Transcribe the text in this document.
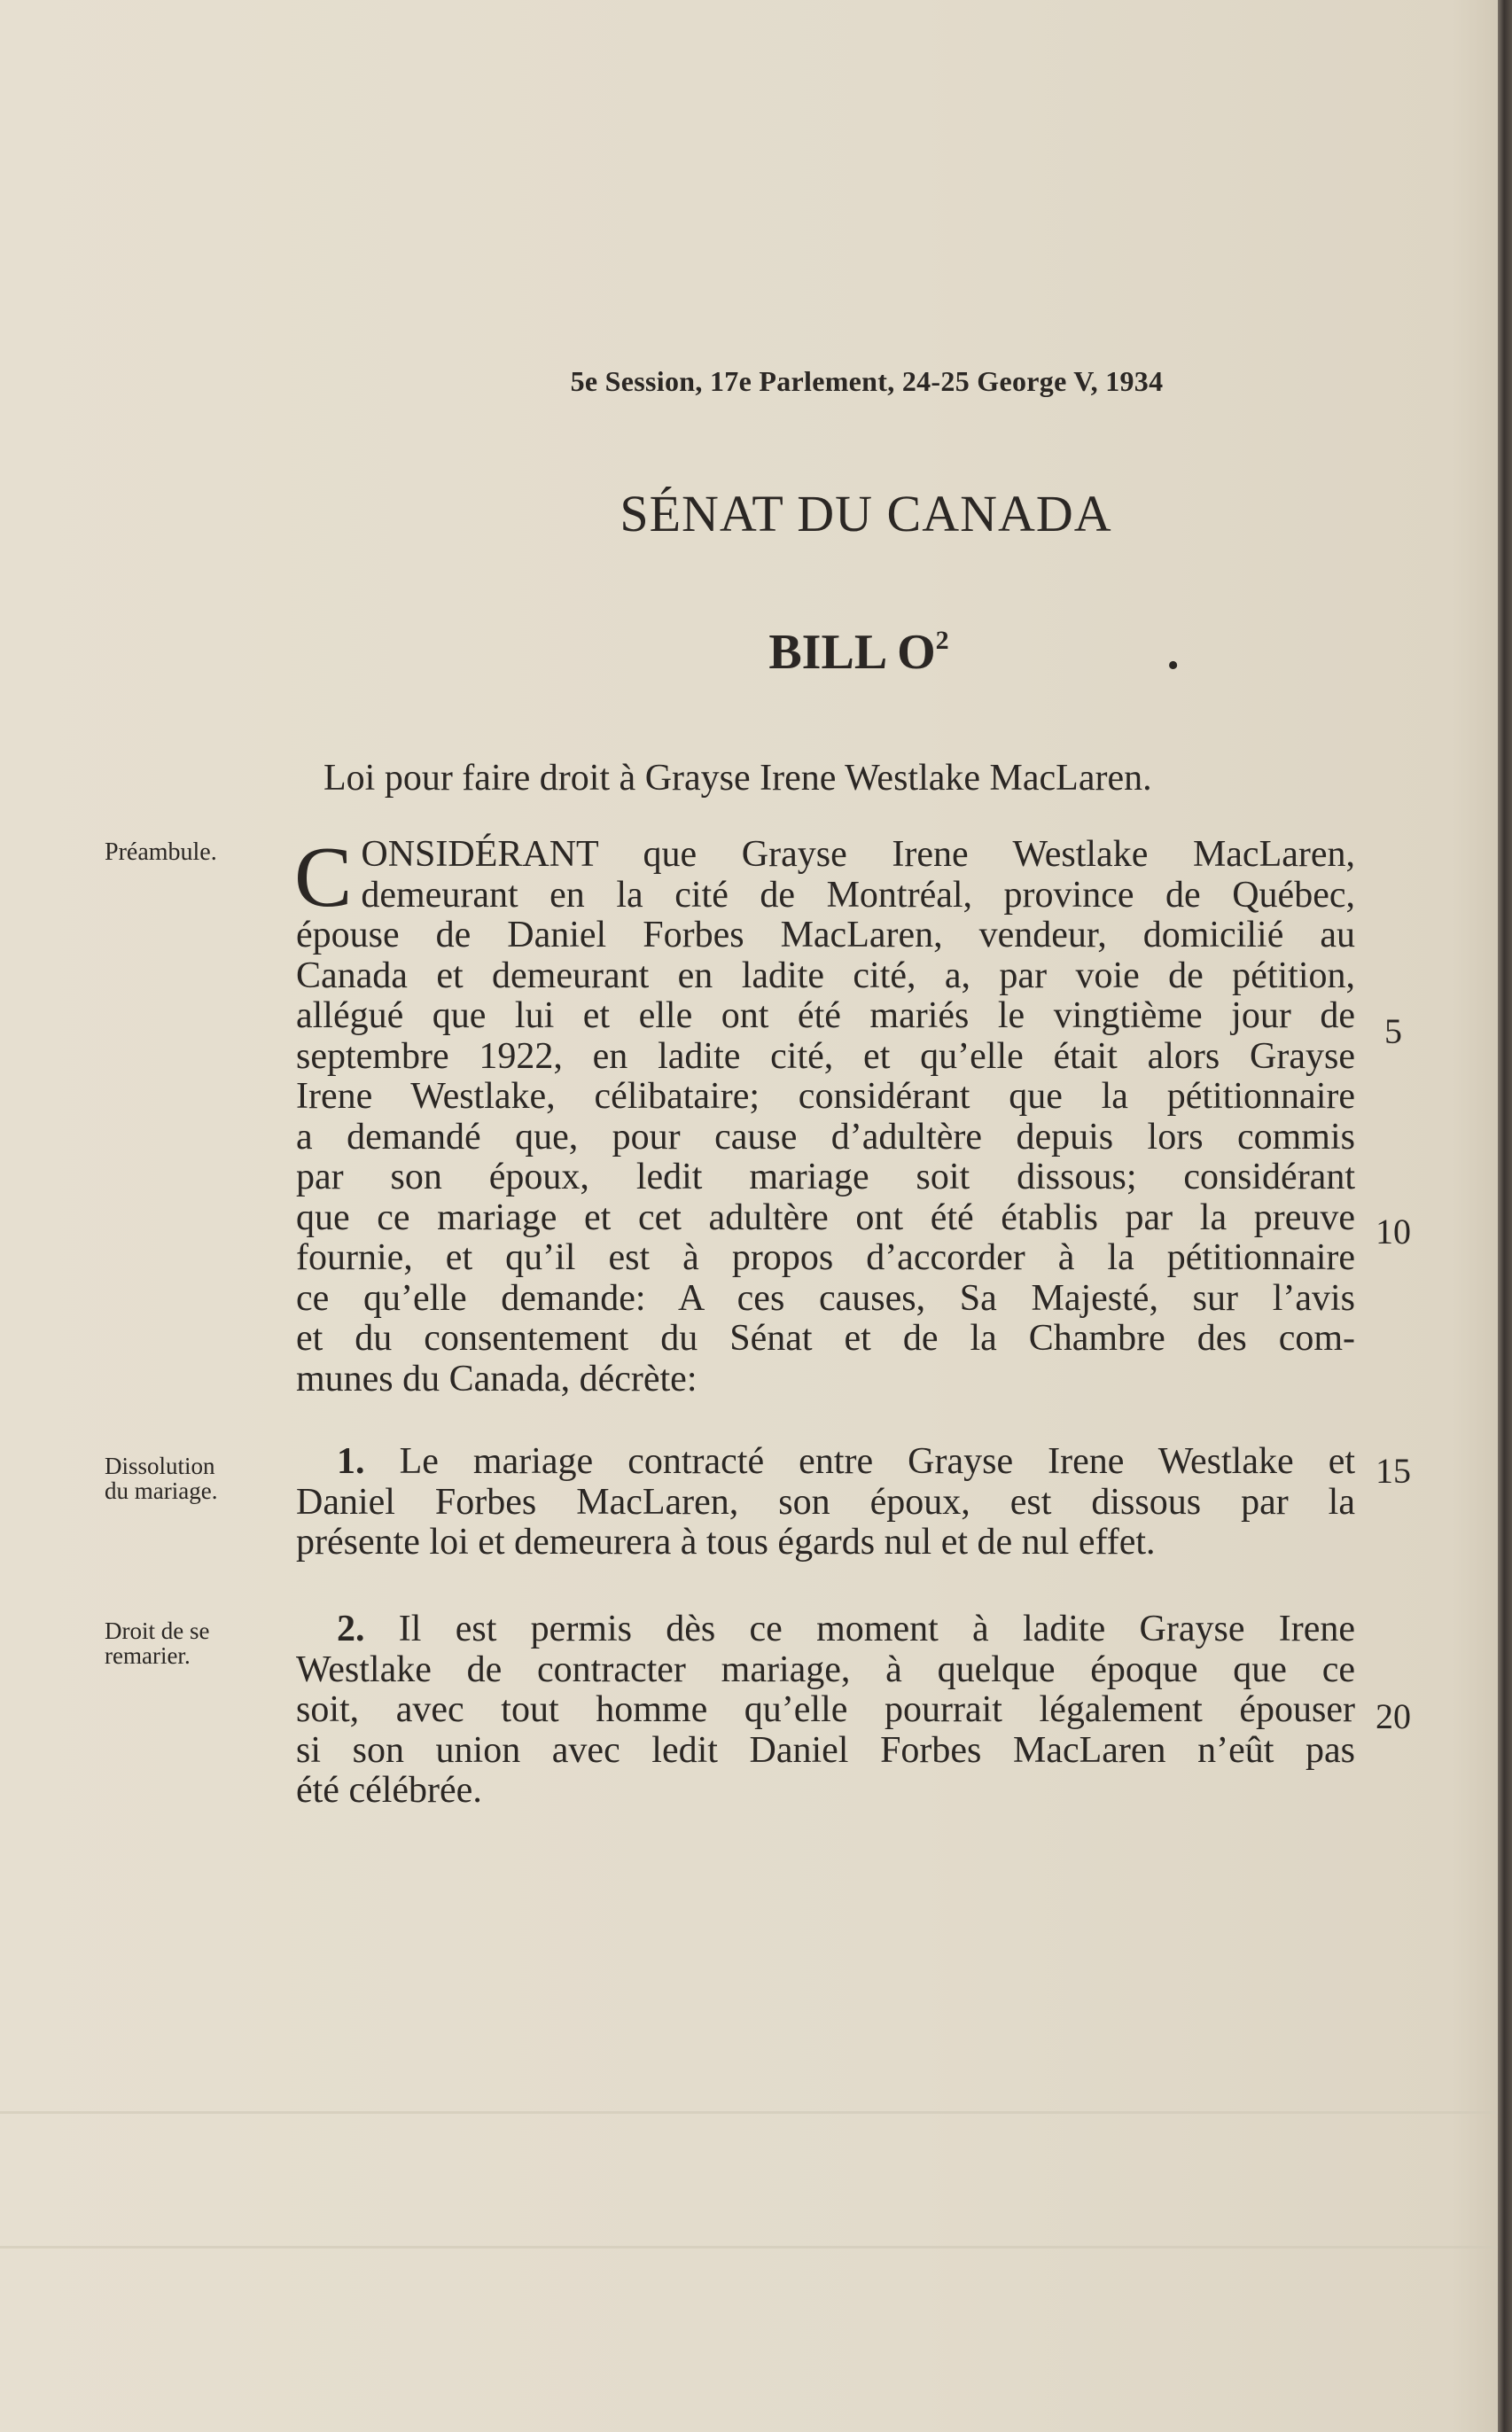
5e Session, 17e Parlement, 24-25 George V, 1934
SÉNAT DU CANADA
BILL $O^2$	.
Loi pour faire droit à Grayse Irene Westlake MacLaren.
Préambule.
Dissolution
du mariage.
Droit de se
remarier.
C ONSIDÉRANT que Grayse Irene Westlake MacLaren,
demeurant en la cité de Montréal, province de Québec,
épouse de Daniel Forbes MacLaren, vendeur, domicilié au
Canada et demeurant en ladite cité, a, par voie de pétition,
allégué que lui et elle ont été mariés le vingtième jour de
septembre 1922, en ladite cité, et qu’elle était alors Grayse
Irene Westlake, célibataire; considérant que la pétitionnaire
a demandé que, pour cause d’adultère depuis lors commis
par son époux, ledit mariage soit dissous; considérant
que ce mariage et cet adultère ont été établis par la preuve
fournie, et qu’il est à propos d’accorder à la pétitionnaire
ce qu’elle demande: A ces causes, Sa Majesté, sur l’avis
et du consentement du Sénat et de la Chambre des com-
munes du Canada, décrète:
1. Le mariage contracté entre Grayse Irene Westlake et
Daniel Forbes MacLaren, son époux, est dissous par la
présente loi et demeurera à tous égards nul et de nul effet.
2. Il est permis dès ce moment à ladite Grayse Irene
Westlake de contracter mariage, à quelque époque que ce
soit, avec tout homme qu’elle pourrait légalement épouser
si son union avec ledit Daniel Forbes MacLaren n’eût pas
été célébrée.
5
10
15
20
